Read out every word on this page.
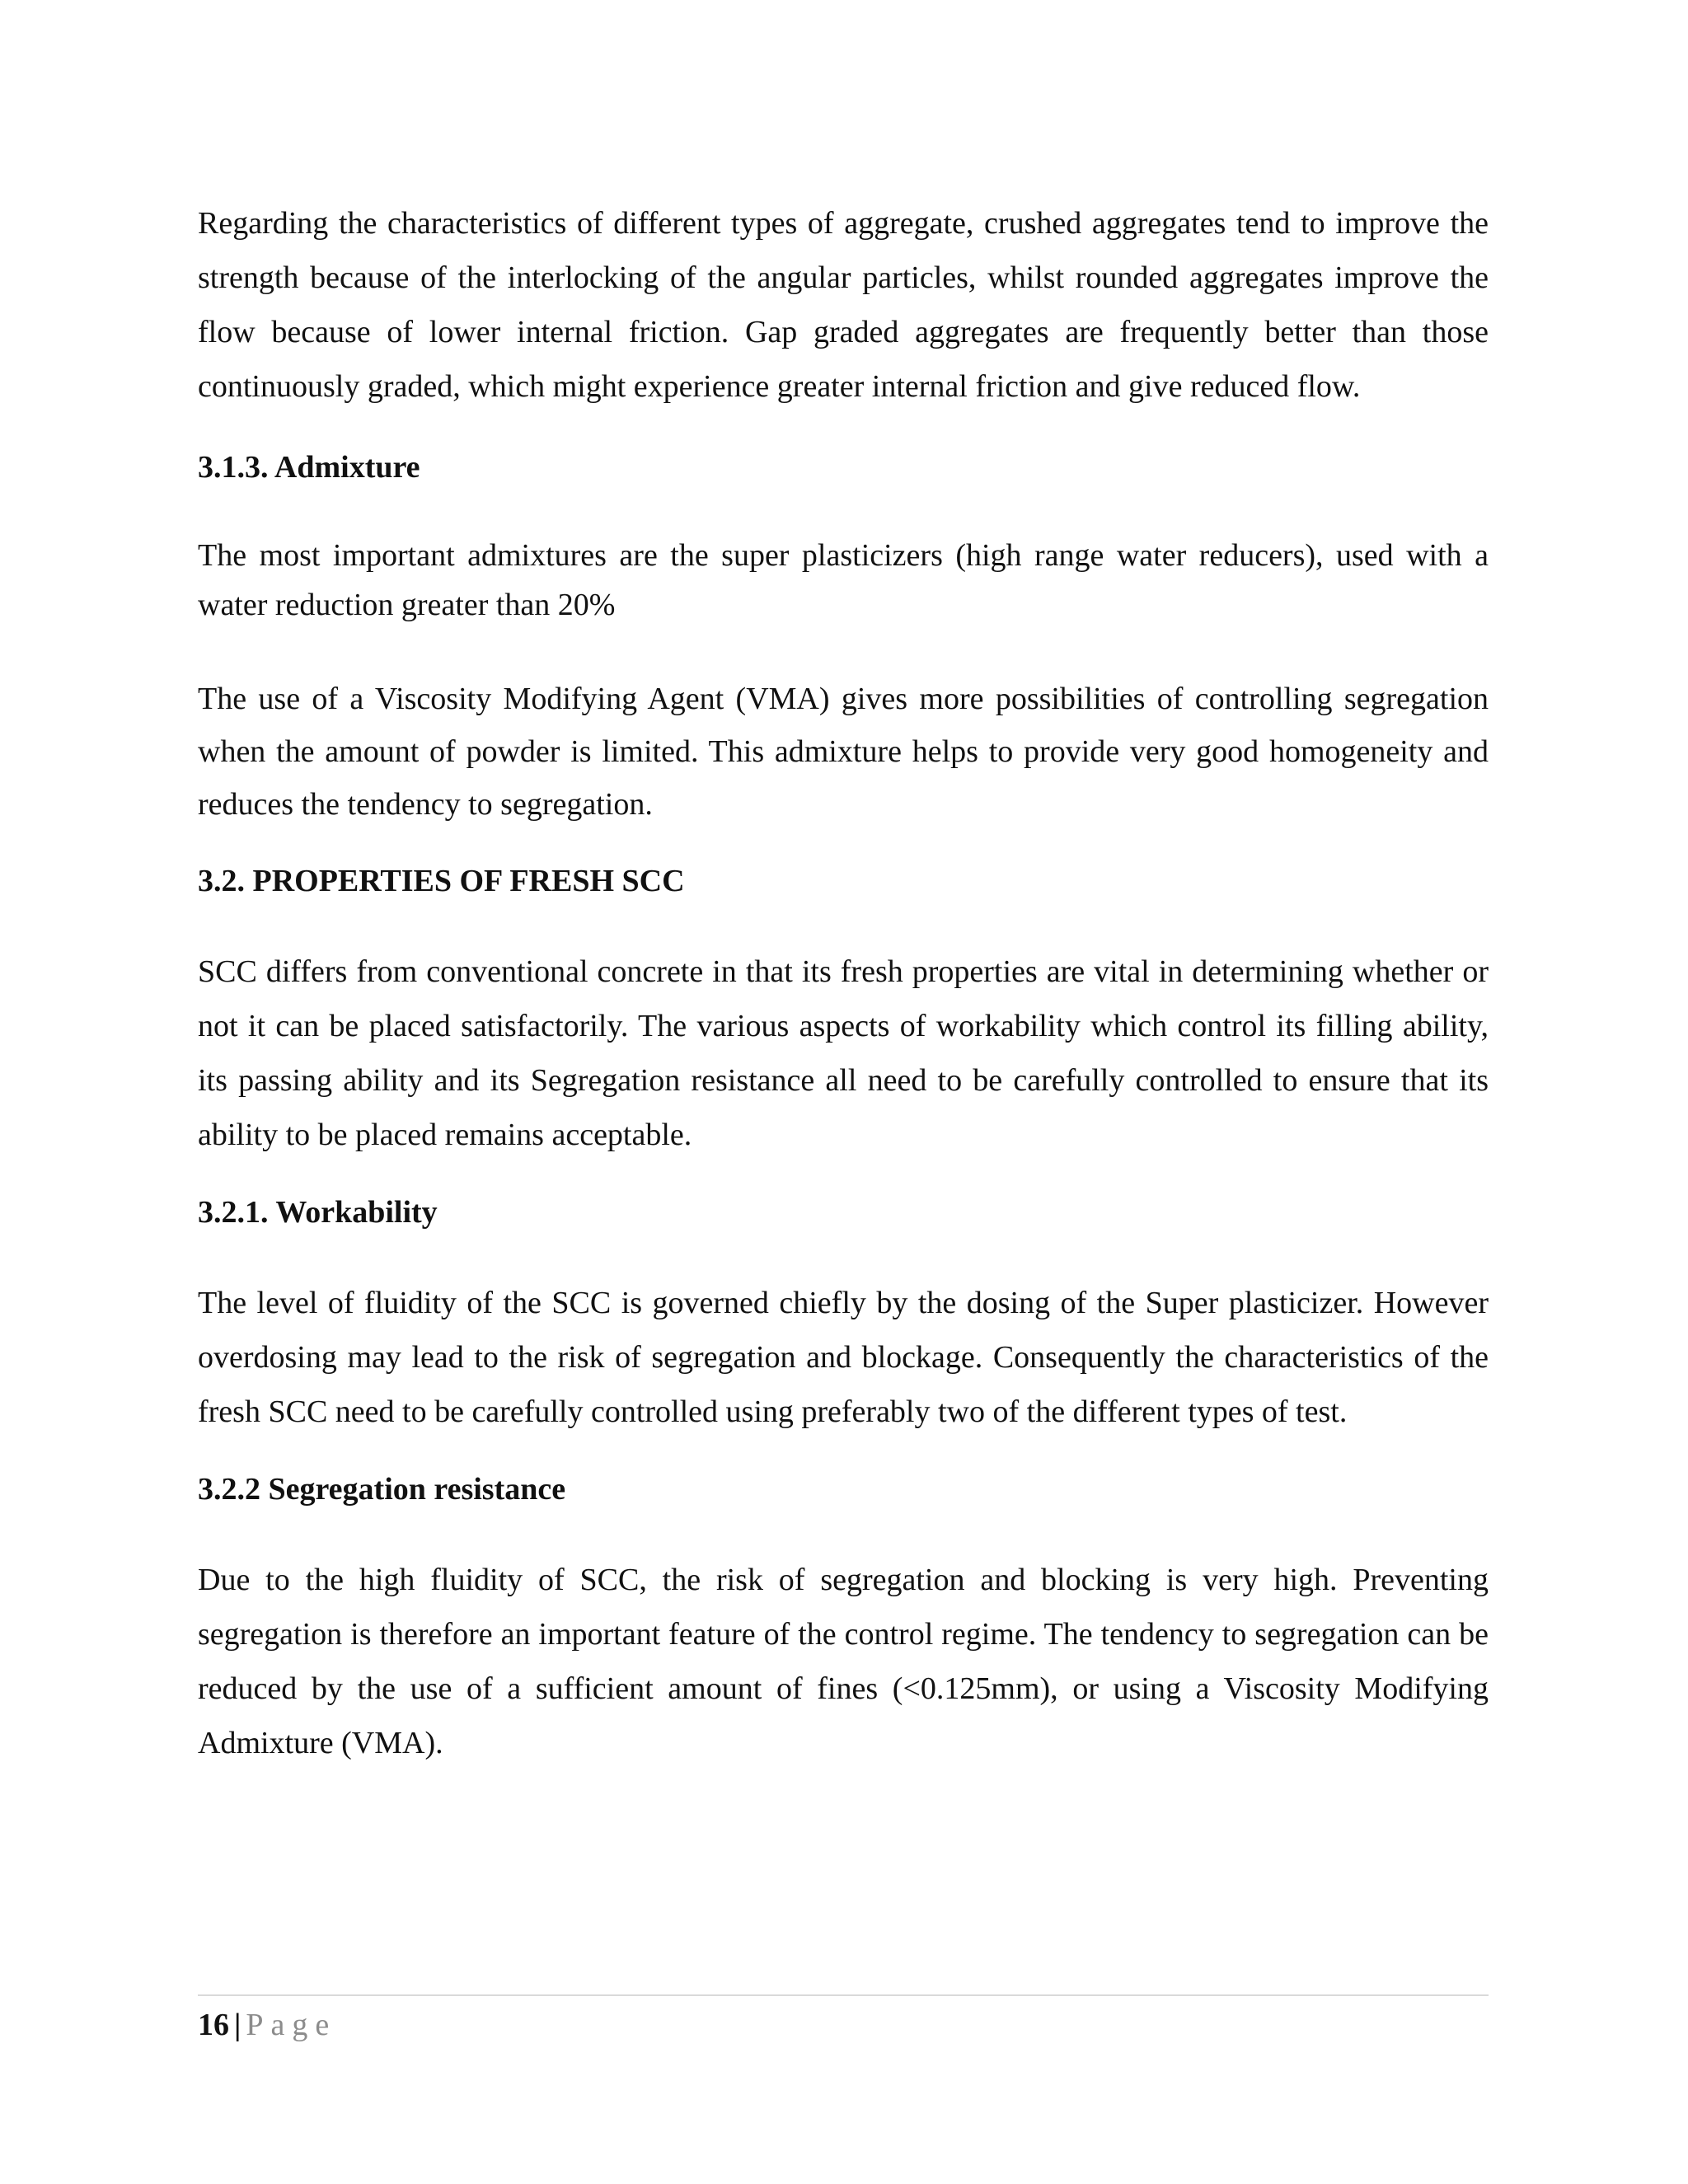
Regarding the characteristics of different types of aggregate, crushed aggregates tend to improve the strength because of the interlocking of the angular particles, whilst rounded aggregates improve the flow because of lower internal friction. Gap graded aggregates are frequently better than those continuously graded, which might experience greater internal friction and give reduced flow.

3.1.3. Admixture

The most important admixtures are the super plasticizers (high range water reducers), used with a water reduction greater than 20%

The use of a Viscosity Modifying Agent (VMA) gives more possibilities of controlling segregation when the amount of powder is limited. This admixture helps to provide very good homogeneity and reduces the tendency to segregation.

3.2. PROPERTIES OF FRESH SCC

SCC differs from conventional concrete in that its fresh properties are vital in determining whether or not it can be placed satisfactorily. The various aspects of workability which control its filling ability, its passing ability and its Segregation resistance all need to be carefully controlled to ensure that its ability to be placed remains acceptable.

3.2.1. Workability

The level of fluidity of the SCC is governed chiefly by the dosing of the Super plasticizer. However overdosing may lead to the risk of segregation and blockage. Consequently the characteristics of the fresh SCC need to be carefully controlled using preferably two of the different types of test.

3.2.2 Segregation resistance

Due to the high fluidity of SCC, the risk of segregation and blocking is very high. Preventing segregation is therefore an important feature of the control regime. The tendency to segregation can be reduced by the use of a sufficient amount of fines (<0.125mm), or using a Viscosity Modifying Admixture (VMA).

16 | Page
